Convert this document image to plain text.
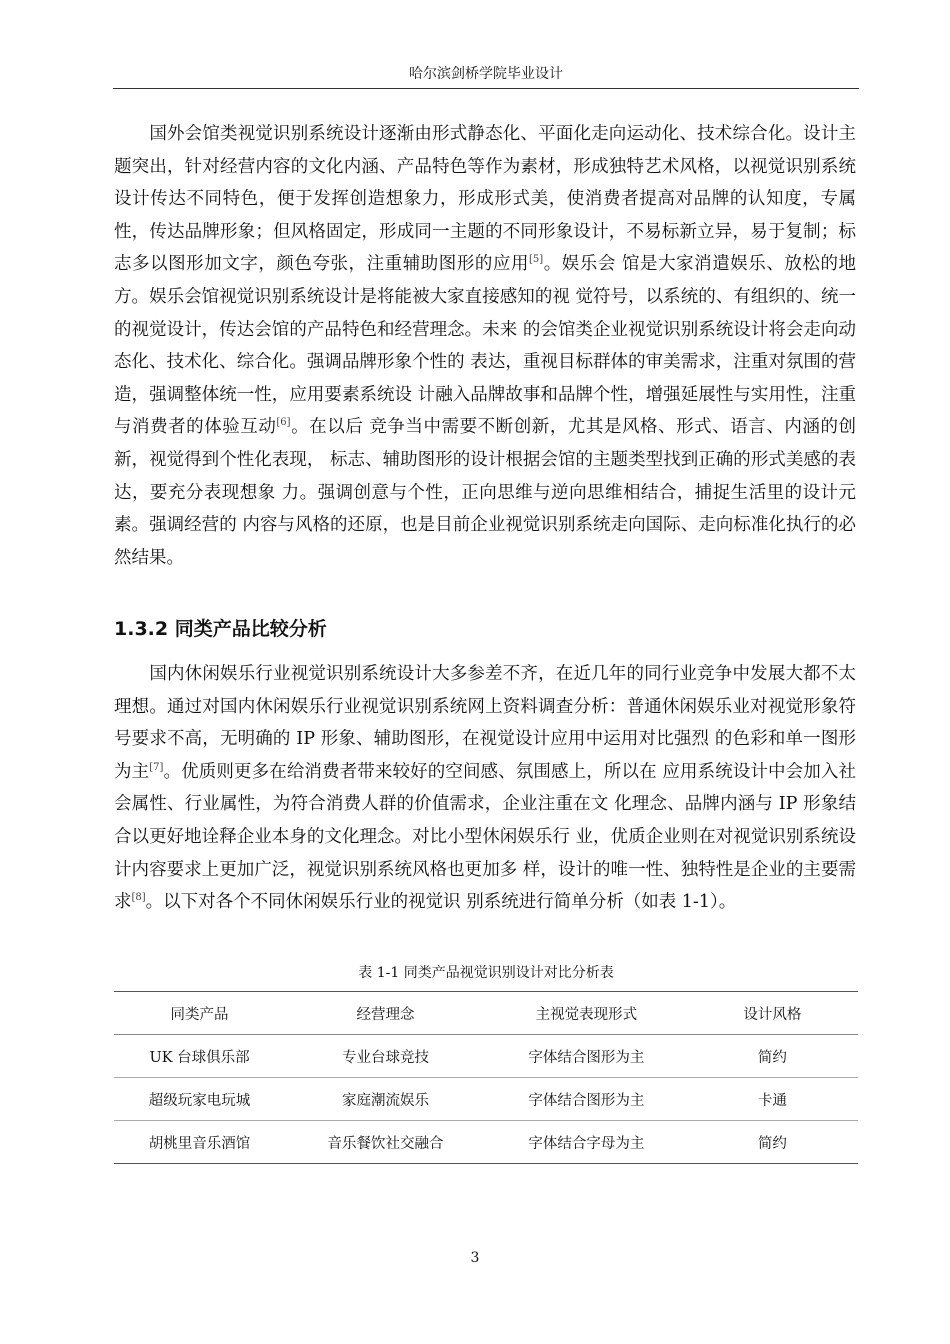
哈尔滨剑桥学院毕业设计

　　国外会馆类视觉识别系统设计逐渐由形式静态化、平面化走向运动化、技术综合化。设计主题突出，针对经营内容的文化内涵、产品特色等作为素材，形成独特艺术风格，以视觉识别系统设计传达不同特色，便于发挥创造想象力，形成形式美，使消费者提高对品牌的认知度，专属性，传达品牌形象；但风格固定，形成同一主题的不同形象设计，不易标新立异，易于复制；标志多以图形加文字，颜色夸张，注重辅助图形的应用[5]。娱乐会 馆是大家消遣娱乐、放松的地方。娱乐会馆视觉识别系统设计是将能被大家直接感知的视 觉符号，以系统的、有组织的、统一的视觉设计，传达会馆的产品特色和经营理念。未来 的会馆类企业视觉识别系统设计将会走向动态化、技术化、综合化。强调品牌形象个性的 表达，重视目标群体的审美需求，注重对氛围的营造，强调整体统一性，应用要素系统设 计融入品牌故事和品牌个性，增强延展性与实用性，注重与消费者的体验互动[6]。在以后 竞争当中需要不断创新，尤其是风格、形式、语言、内涵的创新，视觉得到个性化表现， 标志、辅助图形的设计根据会馆的主题类型找到正确的形式美感的表达，要充分表现想象 力。强调创意与个性，正向思维与逆向思维相结合，捕捉生活里的设计元素。强调经营的 内容与风格的还原，也是目前企业视觉识别系统走向国际、走向标准化执行的必然结果。

1.3.2 同类产品比较分析

　　国内休闲娱乐行业视觉识别系统设计大多参差不齐，在近几年的同行业竞争中发展大都不太理想。通过对国内休闲娱乐行业视觉识别系统网上资料调查分析：普通休闲娱乐业对视觉形象符号要求不高，无明确的 IP 形象、辅助图形，在视觉设计应用中运用对比强烈 的色彩和单一图形为主[7]。优质则更多在给消费者带来较好的空间感、氛围感上，所以在 应用系统设计中会加入社会属性、行业属性，为符合消费人群的价值需求，企业注重在文 化理念、品牌内涵与 IP 形象结合以更好地诠释企业本身的文化理念。对比小型休闲娱乐行 业，优质企业则在对视觉识别系统设计内容要求上更加广泛，视觉识别系统风格也更加多 样，设计的唯一性、独特性是企业的主要需求[8]。以下对各个不同休闲娱乐行业的视觉识 别系统进行简单分析（如表 1-1）。

表 1-1 同类产品视觉识别设计对比分析表
同类产品	经营理念	主视觉表现形式	设计风格
UK 台球俱乐部	专业台球竞技	字体结合图形为主	简约
超级玩家电玩城	家庭潮流娱乐	字体结合图形为主	卡通
胡桃里音乐酒馆	音乐餐饮社交融合	字体结合字母为主	简约
3
